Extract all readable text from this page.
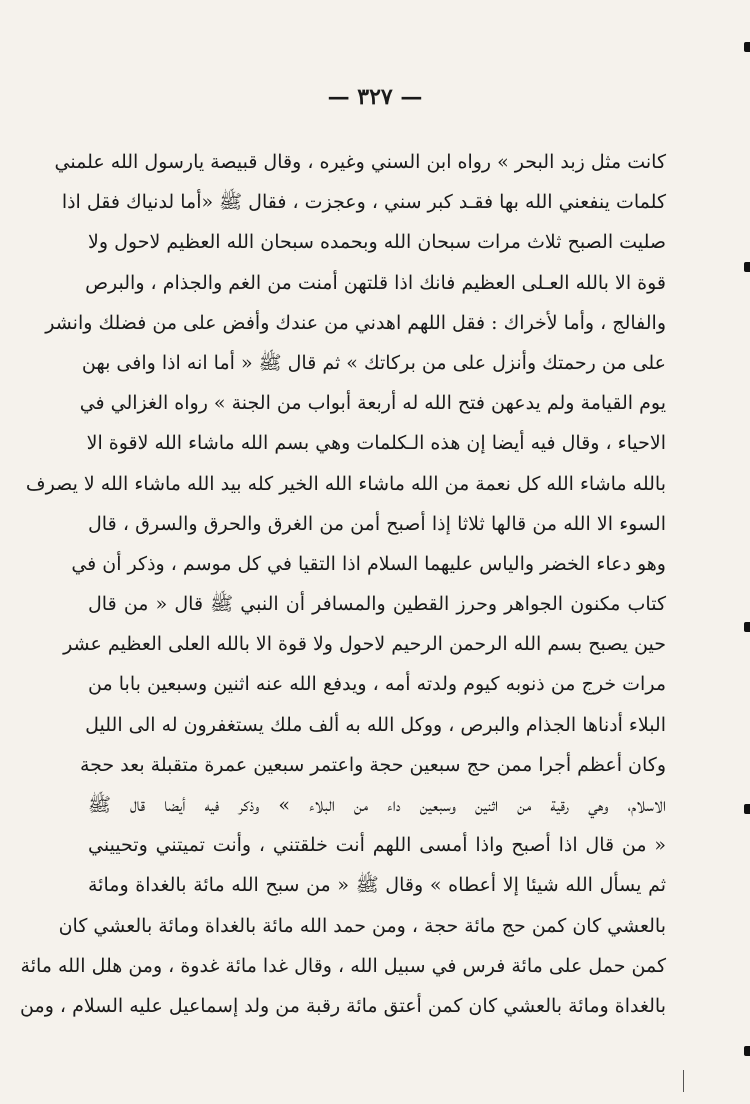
— ٣٢٧ —
كانت مثل زبد البحر » رواه ابن السني وغيره ، وقال قبيصة يارسول الله علمني
كلمات ينفعني الله بها فقـد كبر سني ، وعجزت ، فقال ﷺ «أما لدنياك فقل اذا
صليت الصبح ثلاث مرات سبحان الله وبحمده سبحان الله العظيم لاحول ولا
قوة الا بالله العـلى العظيم فانك اذا قلتهن أمنت من الغم والجذام ، والبرص
والفالج ، وأما لأخراك : فقل اللهم اهدني من عندك وأفض على من فضلك وانشر
على من رحمتك وأنزل على من بركاتك » ثم قال ﷺ « أما انه اذا وافى بهن
يوم القيامة ولم يدعهن فتح الله له أربعة أبواب من الجنة » رواه الغزالي في
الاحياء ، وقال فيه أيضا إن هذه الـكلمات وهي بسم الله ماشاء الله لاقوة الا
بالله ماشاء الله كل نعمة من الله ماشاء الله الخير كله بيد الله ماشاء الله لا يصرف
السوء الا الله من قالها ثلاثا إذا أصبح أمن من الغرق والحرق والسرق ، قال
وهو دعاء الخضر والياس عليهما السلام اذا التقيا في كل موسم ، وذكر أن في
كتاب مكنون الجواهر وحرز القطين والمسافر أن النبي ﷺ قال « من قال
حين يصبح بسم الله الرحمن الرحيم لاحول ولا قوة الا بالله العلى العظيم عشر
مرات خرج من ذنوبه كيوم ولدته أمه ، ويدفع الله عنه اثنين وسبعين بابا من
البلاء أدناها الجذام والبرص ، ووكل الله به ألف ملك يستغفرون له الى الليل
وكان أعظم أجرا ممن حج سبعين حجة واعتمر سبعين عمرة متقبلة بعد حجة
الاسلام، وهي رقية من اثنين وسبعين داء من البلاء » وذكر فيه أيضا قال ﷺ
« من قال اذا أصبح واذا أمسى اللهم أنت خلقتني ، وأنت تميتني وتحييني
ثم يسأل الله شيئا إلا أعطاه » وقال ﷺ « من سبح الله مائة بالغداة ومائة
بالعشي كان كمن حج مائة حجة ، ومن حمد الله مائة بالغداة ومائة بالعشي كان
كمن حمل على مائة فرس في سبيل الله ، وقال غدا مائة غدوة ، ومن هلل الله مائة
بالغداة ومائة بالعشي كان كمن أعتق مائة رقبة من ولد إسماعيل عليه السلام ، ومن
